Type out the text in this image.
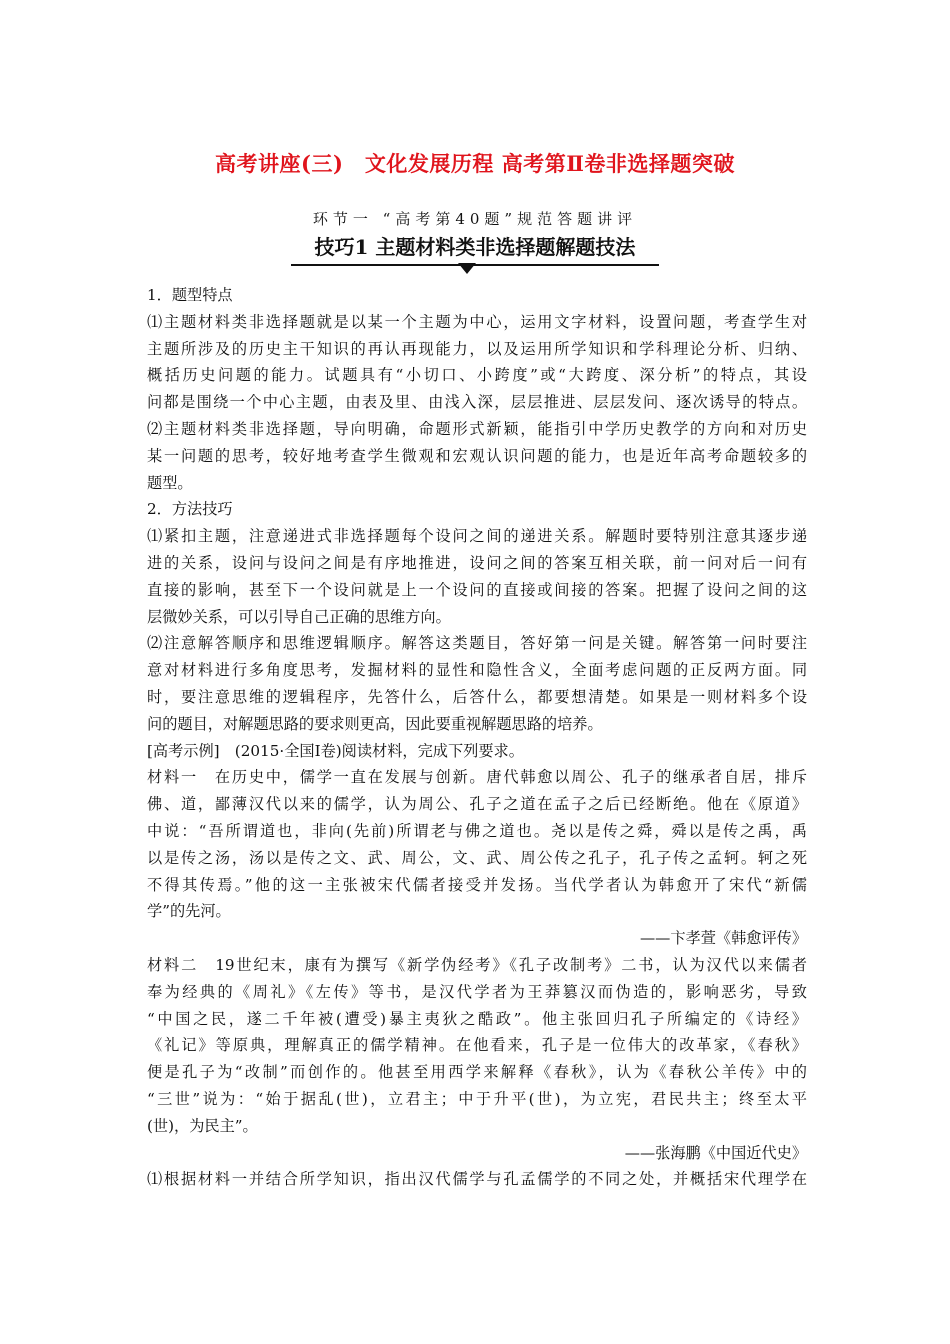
高考讲座(三)　文化发展历程 高考第Ⅱ卷非选择题突破
环节一 “高考第40题”规范答题讲评
技巧1 主题材料类非选择题解题技法
1．题型特点
⑴主题材料类非选择题就是以某一个主题为中心，运用文字材料，设置问题，考查学生对
主题所涉及的历史主干知识的再认再现能力，以及运用所学知识和学科理论分析、归纳、
概括历史问题的能力。试题具有“小切口、小跨度”或“大跨度、深分析”的特点，其设
问都是围绕一个中心主题，由表及里、由浅入深，层层推进、层层发问、逐次诱导的特点。
⑵主题材料类非选择题，导向明确，命题形式新颖，能指引中学历史教学的方向和对历史
某一问题的思考，较好地考查学生微观和宏观认识问题的能力，也是近年高考命题较多的
题型。
2．方法技巧
⑴紧扣主题，注意递进式非选择题每个设问之间的递进关系。解题时要特别注意其逐步递
进的关系，设问与设问之间是有序地推进，设问之间的答案互相关联，前一问对后一问有
直接的影响，甚至下一个设问就是上一个设问的直接或间接的答案。把握了设问之间的这
层微妙关系，可以引导自己正确的思维方向。
⑵注意解答顺序和思维逻辑顺序。解答这类题目，答好第一问是关键。解答第一问时要注
意对材料进行多角度思考，发掘材料的显性和隐性含义，全面考虑问题的正反两方面。同
时，要注意思维的逻辑程序，先答什么，后答什么，都要想清楚。如果是一则材料多个设
问的题目，对解题思路的要求则更高，因此要重视解题思路的培养。
[高考示例]　(2015·全国Ⅰ卷)阅读材料，完成下列要求。
材料一　在历史中，儒学一直在发展与创新。唐代韩愈以周公、孔子的继承者自居，排斥
佛、道，鄙薄汉代以来的儒学，认为周公、孔子之道在孟子之后已经断绝。他在《原道》
中说：“吾所谓道也，非向(先前)所谓老与佛之道也。尧以是传之舜，舜以是传之禹，禹
以是传之汤，汤以是传之文、武、周公，文、武、周公传之孔子，孔子传之孟轲。轲之死
不得其传焉。”他的这一主张被宋代儒者接受并发扬。当代学者认为韩愈开了宋代“新儒
学”的先河。
——卞孝萱《韩愈评传》
材料二　19世纪末，康有为撰写《新学伪经考》《孔子改制考》二书，认为汉代以来儒者
奉为经典的《周礼》《左传》等书，是汉代学者为王莽篡汉而伪造的，影响恶劣，导致
“中国之民，遂二千年被(遭受)暴主夷狄之酷政”。他主张回归孔子所编定的《诗经》
《礼记》等原典，理解真正的儒学精神。在他看来，孔子是一位伟大的改革家，《春秋》
便是孔子为“改制”而创作的。他甚至用西学来解释《春秋》，认为《春秋公羊传》中的
“三世”说为：“始于据乱(世)，立君主；中于升平(世)，为立宪，君民共主；终至太平
(世)，为民主”。
——张海鹏《中国近代史》
⑴根据材料一并结合所学知识，指出汉代儒学与孔孟儒学的不同之处，并概括宋代理学在
